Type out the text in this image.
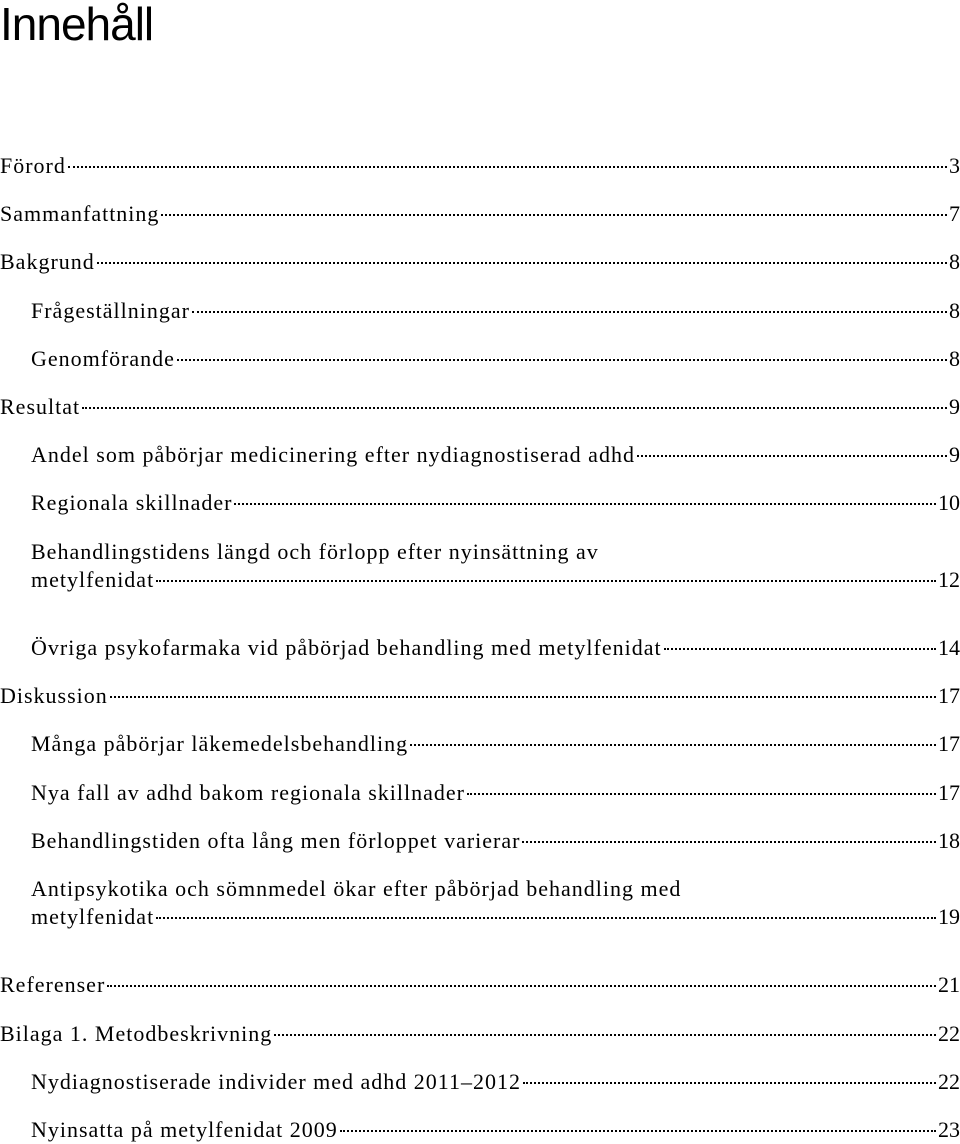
Innehåll
Förord	3
Sammanfattning	7
Bakgrund	8
Frågeställningar	8
Genomförande	8
Resultat	9
Andel som påbörjar medicinering efter nydiagnostiserad adhd	9
Regionala skillnader	10
Behandlingstidens längd och förlopp efter nyinsättning av
metylfenidat	12
Övriga psykofarmaka vid påbörjad behandling med metylfenidat	14
Diskussion	17
Många påbörjar läkemedelsbehandling	17
Nya fall av adhd bakom regionala skillnader	17
Behandlingstiden ofta lång men förloppet varierar	18
Antipsykotika och sömnmedel ökar efter påbörjad behandling med
metylfenidat	19
Referenser	21
Bilaga 1. Metodbeskrivning	22
Nydiagnostiserade individer med adhd 2011–2012	22
Nyinsatta på metylfenidat 2009	23
